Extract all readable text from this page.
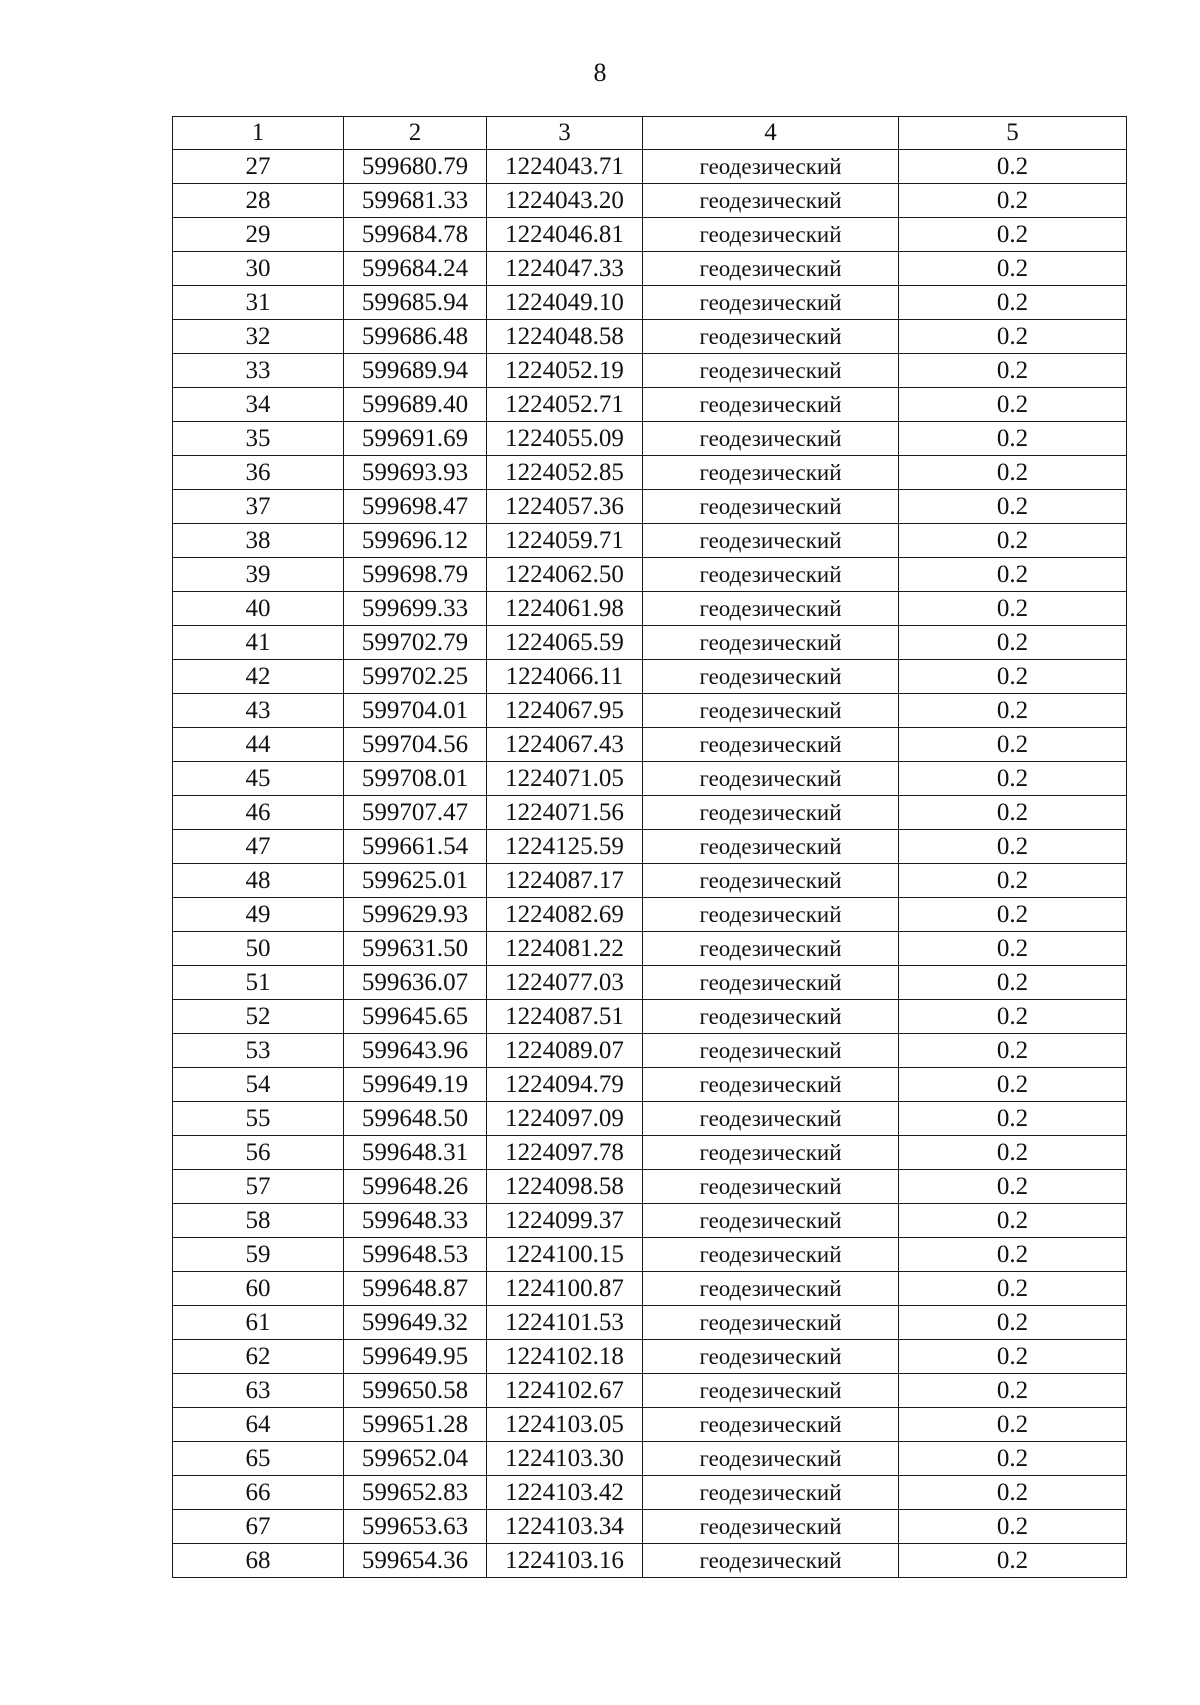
8
1	2	3	4	5
27	599680.79	1224043.71	геодезический	0.2
28	599681.33	1224043.20	геодезический	0.2
29	599684.78	1224046.81	геодезический	0.2
30	599684.24	1224047.33	геодезический	0.2
31	599685.94	1224049.10	геодезический	0.2
32	599686.48	1224048.58	геодезический	0.2
33	599689.94	1224052.19	геодезический	0.2
34	599689.40	1224052.71	геодезический	0.2
35	599691.69	1224055.09	геодезический	0.2
36	599693.93	1224052.85	геодезический	0.2
37	599698.47	1224057.36	геодезический	0.2
38	599696.12	1224059.71	геодезический	0.2
39	599698.79	1224062.50	геодезический	0.2
40	599699.33	1224061.98	геодезический	0.2
41	599702.79	1224065.59	геодезический	0.2
42	599702.25	1224066.11	геодезический	0.2
43	599704.01	1224067.95	геодезический	0.2
44	599704.56	1224067.43	геодезический	0.2
45	599708.01	1224071.05	геодезический	0.2
46	599707.47	1224071.56	геодезический	0.2
47	599661.54	1224125.59	геодезический	0.2
48	599625.01	1224087.17	геодезический	0.2
49	599629.93	1224082.69	геодезический	0.2
50	599631.50	1224081.22	геодезический	0.2
51	599636.07	1224077.03	геодезический	0.2
52	599645.65	1224087.51	геодезический	0.2
53	599643.96	1224089.07	геодезический	0.2
54	599649.19	1224094.79	геодезический	0.2
55	599648.50	1224097.09	геодезический	0.2
56	599648.31	1224097.78	геодезический	0.2
57	599648.26	1224098.58	геодезический	0.2
58	599648.33	1224099.37	геодезический	0.2
59	599648.53	1224100.15	геодезический	0.2
60	599648.87	1224100.87	геодезический	0.2
61	599649.32	1224101.53	геодезический	0.2
62	599649.95	1224102.18	геодезический	0.2
63	599650.58	1224102.67	геодезический	0.2
64	599651.28	1224103.05	геодезический	0.2
65	599652.04	1224103.30	геодезический	0.2
66	599652.83	1224103.42	геодезический	0.2
67	599653.63	1224103.34	геодезический	0.2
68	599654.36	1224103.16	геодезический	0.2
